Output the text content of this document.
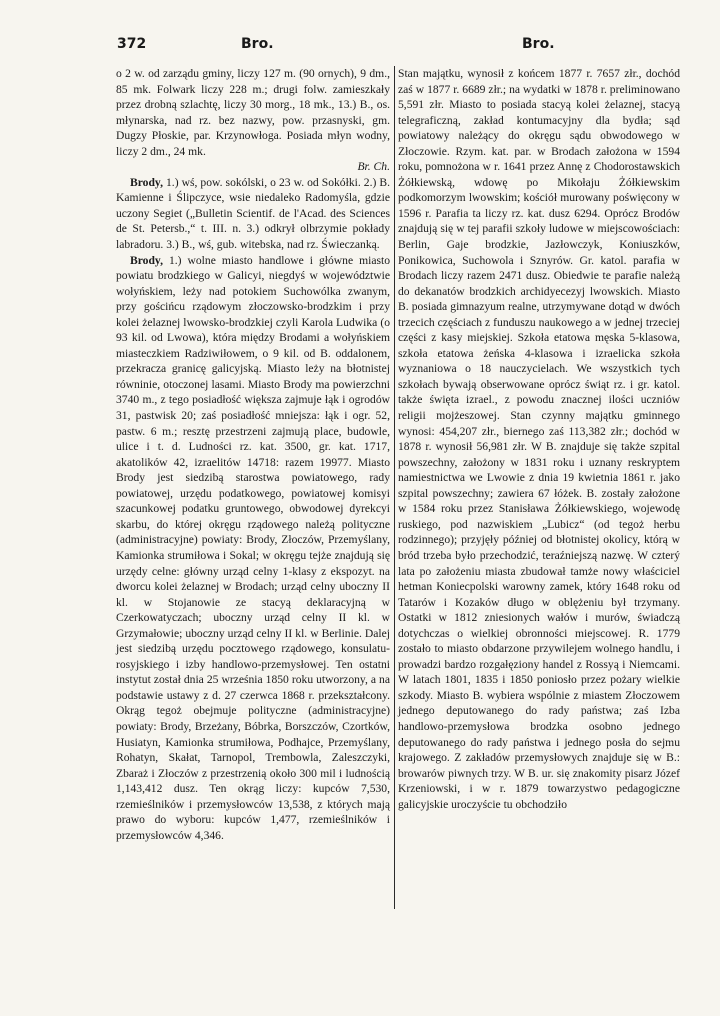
372	Bro.	Bro.

o 2 w. od zarządu gminy, liczy 127 m. (90 ornych), 9 dm., 85 mk. Folwark liczy 228 m.; drugi folw. zamieszkały przez drobną szlachtę, liczy 30 morg., 18 mk., 13.) B., os. młynarska, nad rz. bez nazwy, pow. przasnyski, gm. Dugzy Płoskie, par. Krzynowłoga. Posiada młyn wodny, liczy 2 dm., 24 mk.
Br. Ch.

Brody, 1.) wś, pow. sokólski, o 23 w. od Sokółki. 2.) B. Kamienne i Ślipczyce, wsie niedaleko Radomyśla, gdzie uczony Segiet („Bulletin Scientif. de l'Acad. des Sciences de St. Petersb.,“ t. III. n. 3.) odkrył olbrzymie pokłady labradoru. 3.) B., wś, gub. witebska, nad rz. Świeczanką.

Brody, 1.) wolne miasto handlowe i główne miasto powiatu brodzkiego w Galicyi, niegdyś w województwie wołyńskiem, leży nad potokiem Suchowólka zwanym, przy gościńcu rządowym złoczowsko-brodzkim i przy kolei żelaznej lwowsko-brodzkiej czyli Karola Ludwika (o 93 kil. od Lwowa), która między Brodami a wołyńskiem miasteczkiem Radziwiłowem, o 9 kil. od B. oddalonem, przekracza granicę galicyjską. Miasto leży na błotnistej równinie, otoczonej lasami. Miasto Brody ma powierzchni 3740 m., z tego posiadłość większa zajmuje łąk i ogrodów 31, pastwisk 20; zaś posiadłość mniejsza: łąk i ogr. 52, pastw. 6 m.; resztę przestrzeni zajmują place, budowle, ulice i t. d. Ludności rz. kat. 3500, gr. kat. 1717, akatolików 42, izraelitów 14718: razem 19977. Miasto Brody jest siedzibą starostwa powiatowego, rady powiatowej, urzędu podatkowego, powiatowej komisyi szacunkowej podatku gruntowego, obwodowej dyrekcyi skarbu, do której okręgu rządowego należą polityczne (administracyjne) powiaty: Brody, Złoczów, Przemyślany, Kamionka strumiłowa i Sokal; w okręgu tejże znajdują się urzędy celne: główny urząd celny 1-klasy z ekspozyt. na dworcu kolei żelaznej w Brodach; urząd celny uboczny II kl. w Stojanowie ze stacyą deklaracyjną w Czerkowatyczach; uboczny urząd celny II kl. w Grzymałowie; uboczny urząd celny II kl. w Berlinie. Dalej jest siedzibą urzędu pocztowego rządowego, konsulatu-rosyjskiego i izby handlowo-przemysłowej. Ten ostatni instytut został dnia 25 września 1850 roku utworzony, a na podstawie ustawy z d. 27 czerwca 1868 r. przekształcony. Okrąg tegoż obejmuje polityczne (administracyjne) powiaty: Brody, Brzeżany, Bóbrka, Borszczów, Czortków, Husiatyn, Kamionka strumiłowa, Podhajce, Przemyślany, Rohatyn, Skałat, Tarnopol, Trembowla, Zaleszczyki, Zbaraż i Złoczów z przestrzenią około 300 mil i ludnością 1,143,412 dusz. Ten okrąg liczy: kupców 7,530, rzemieślników i przemysłowców 13,538, z których mają prawo do wyboru: kupców 1,477, rzemieślników i przemysłowców 4,346.

Stan majątku, wynosił z końcem 1877 r. 7657 złr., dochód zaś w 1877 r. 6689 złr.; na wydatki w 1878 r. preliminowano 5,591 złr. Miasto to posiada stacyą kolei żelaznej, stacyą telegraficzną, zakład kontumacyjny dla bydła; sąd powiatowy należący do okręgu sądu obwodowego w Złoczowie. Rzym. kat. par. w Brodach założona w 1594 roku, pomnożona w r. 1641 przez Annę z Chodorostawskich Żółkiewską, wdowę po Mikołaju Żółkiewskim podkomorzym lwowskim; kościół murowany poświęcony w 1596 r. Parafia ta liczy rz. kat. dusz 6294. Oprócz Brodów znajdują się w tej parafii szkoły ludowe w miejscowościach: Berlin, Gaje brodzkie, Jazłowczyk, Koniuszków, Ponikowica, Suchowola i Sznyrów. Gr. katol. parafia w Brodach liczy razem 2471 dusz. Obiedwie te parafie należą do dekanatów brodzkich archidyecezyj lwowskich. Miasto B. posiada gimnazyum realne, utrzymywane dotąd w dwóch trzecich częściach z funduszu naukowego a w jednej trzeciej części z kasy miejskiej. Szkoła etatowa męska 5-klasowa, szkoła etatowa żeńska 4-klasowa i izraelicka szkoła wyznaniowa o 18 nauczycielach. We wszystkich tych szkołach bywają obserwowane oprócz świąt rz. i gr. katol. także święta izrael., z powodu znacznej ilości uczniów religii mojżeszowej. Stan czynny majątku gminnego wynosi: 454,207 złr., biernego zaś 113,382 złr.; dochód w 1878 r. wynosił 56,981 złr. W B. znajduje się także szpital powszechny, założony w 1831 roku i uznany reskryptem namiestnictwa we Lwowie z dnia 19 kwietnia 1861 r. jako szpital powszechny; zawiera 67 łóżek. B. zostały założone w 1584 roku przez Stanisława Żółkiewskiego, wojewodę ruskiego, pod nazwiskiem „Lubicz“ (od tegoż herbu rodzinnego); przyjęły później od błotnistej okolicy, którą w bród trzeba było przechodzić, teraźniejszą nazwę. W czterý lata po założeniu miasta zbudował tamże nowy właściciel hetman Koniecpolski warowny zamek, który 1648 roku od Tatarów i Kozaków długo w oblężeniu był trzymany. Ostatki w 1812 zniesionych wałów i murów, świadczą dotychczas o wielkiej obronności miejscowej. R. 1779 zostało to miasto obdarzone przywilejem wolnego handlu, i prowadzi bardzo rozgałęziony handel z Rossyą i Niemcami. W latach 1801, 1835 i 1850 poniosło przez pożary wielkie szkody. Miasto B. wybiera wspólnie z miastem Złoczowem jednego deputowanego do rady państwa; zaś Izba handlowo-przemysłowa brodzka osobno jednego deputowanego do rady państwa i jednego posła do sejmu krajowego. Z zakładów przemysłowych znajduje się w B.: browarów piwnych trzy. W B. ur. się znakomity pisarz Józef Krzeniowski, i w r. 1879 towarzystwo pedagogiczne galicyjskie uroczyście tu obchodziło
